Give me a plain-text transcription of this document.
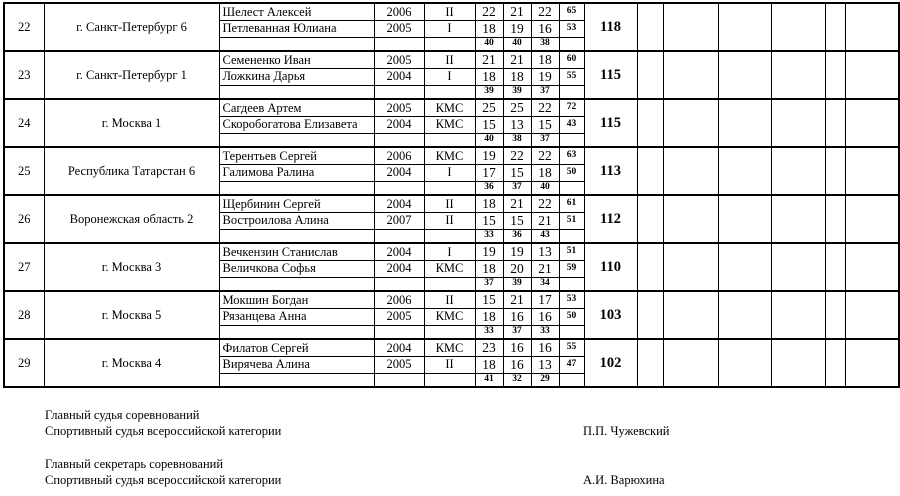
22	г. Санкт-Петербург 6	Шелест Алексей	2006	II	22	21	22	65	118						
		Петлеванная Юлиана	2005	I	18	19	16	53							
					40	40	38								
23	г. Санкт-Петербург 1	Семененко Иван	2005	II	21	21	18	60	115						
		Ложкина Дарья	2004	I	18	18	19	55							
					39	39	37								
24	г. Москва 1	Сагдеев Артем	2005	КМС	25	25	22	72	115						
		Скоробогатова Елизавета	2004	КМС	15	13	15	43							
					40	38	37								
25	Республика Татарстан 6	Терентьев Сергей	2006	КМС	19	22	22	63	113						
		Галимова Ралина	2004	I	17	15	18	50							
					36	37	40								
26	Воронежская область 2	Щербинин Сергей	2004	II	18	21	22	61	112						
		Востроилова Алина	2007	II	15	15	21	51							
					33	36	43								
27	г. Москва 3	Вечкензин Станислав	2004	I	19	19	13	51	110						
		Величкова Софья	2004	КМС	18	20	21	59							
					37	39	34								
28	г. Москва 5	Мокшин Богдан	2006	II	15	21	17	53	103						
		Рязанцева Анна	2005	КМС	18	16	16	50							
					33	37	33								
29	г. Москва 4	Филатов Сергей	2004	КМС	23	16	16	55	102						
		Вирячева Алина	2005	II	18	16	13	47							
					41	32	29								
Главный судья соревнований
Спортивный судья всероссийской категории	П.П. Чужевский
Главный секретарь соревнований
Спортивный судья всероссийской категории	А.И. Варюхина
